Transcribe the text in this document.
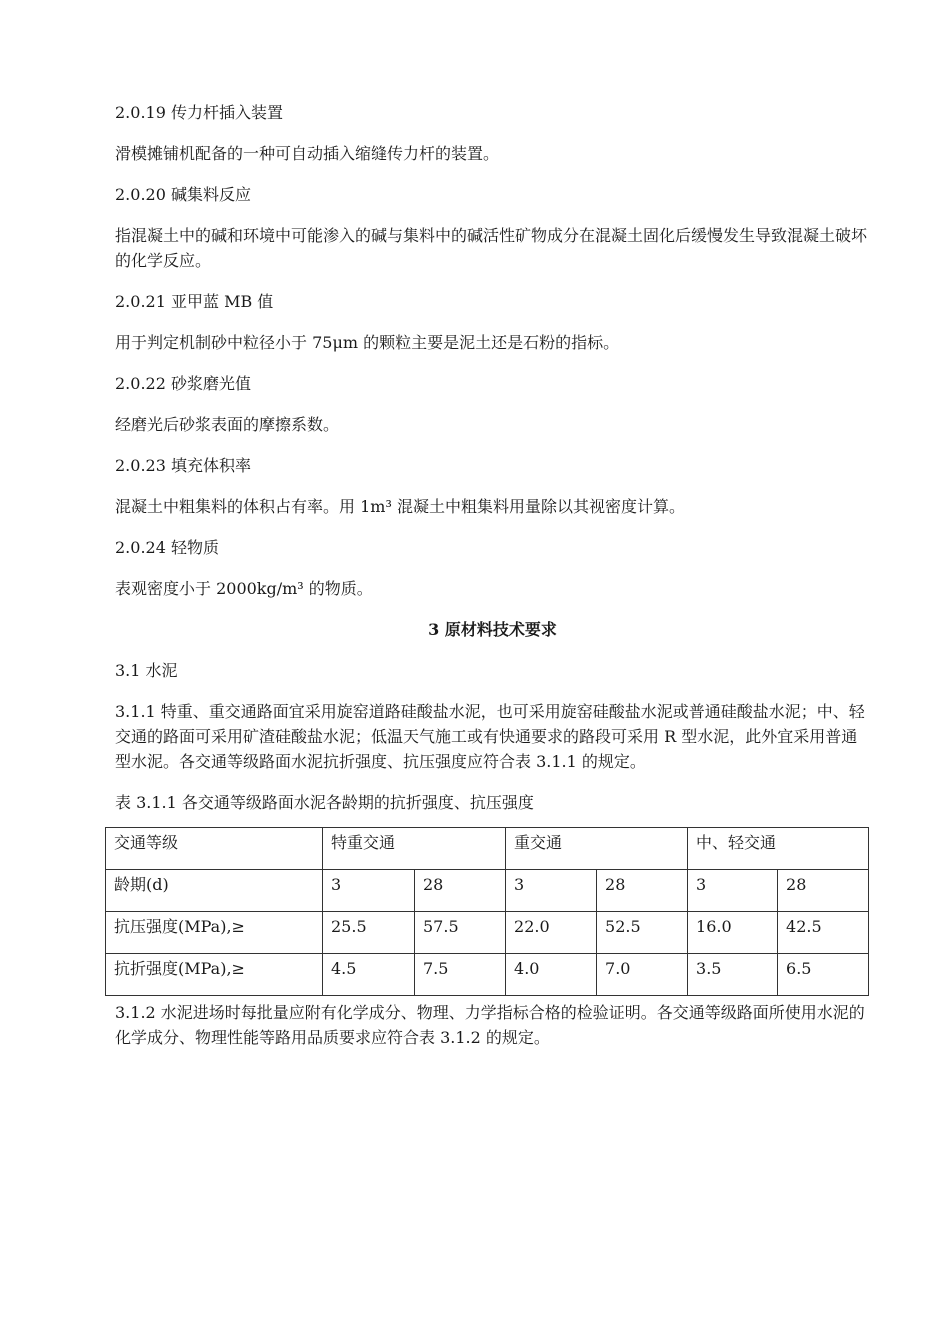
2.0.19 传力杆插入装置

滑模摊铺机配备的一种可自动插入缩缝传力杆的装置。

2.0.20 碱集料反应

指混凝土中的碱和环境中可能渗入的碱与集料中的碱活性矿物成分在混凝土固化后缓慢发生导致混凝土破坏的化学反应。

2.0.21 亚甲蓝 MB 值

用于判定机制砂中粒径小于 75μm 的颗粒主要是泥土还是石粉的指标。

2.0.22 砂浆磨光值

经磨光后砂浆表面的摩擦系数。

2.0.23 填充体积率

混凝土中粗集料的体积占有率。用 1m³ 混凝土中粗集料用量除以其视密度计算。

2.0.24 轻物质

表观密度小于 2000kg/m³ 的物质。

3 原材料技术要求

3.1 水泥

3.1.1 特重、重交通路面宜采用旋窑道路硅酸盐水泥，也可采用旋窑硅酸盐水泥或普通硅酸盐水泥；中、轻交通的路面可采用矿渣硅酸盐水泥；低温天气施工或有快通要求的路段可采用 R 型水泥，此外宜采用普通型水泥。各交通等级路面水泥抗折强度、抗压强度应符合表 3.1.1 的规定。

表 3.1.1 各交通等级路面水泥各龄期的抗折强度、抗压强度

交通等级	特重交通		重交通		中、轻交通	
龄期(d)	3	28	3	28	3	28
抗压强度(MPa),≥	25.5	57.5	22.0	52.5	16.0	42.5
抗折强度(MPa),≥	4.5	7.5	4.0	7.0	3.5	6.5

3.1.2 水泥进场时每批量应附有化学成分、物理、力学指标合格的检验证明。各交通等级路面所使用水泥的化学成分、物理性能等路用品质要求应符合表 3.1.2 的规定。
